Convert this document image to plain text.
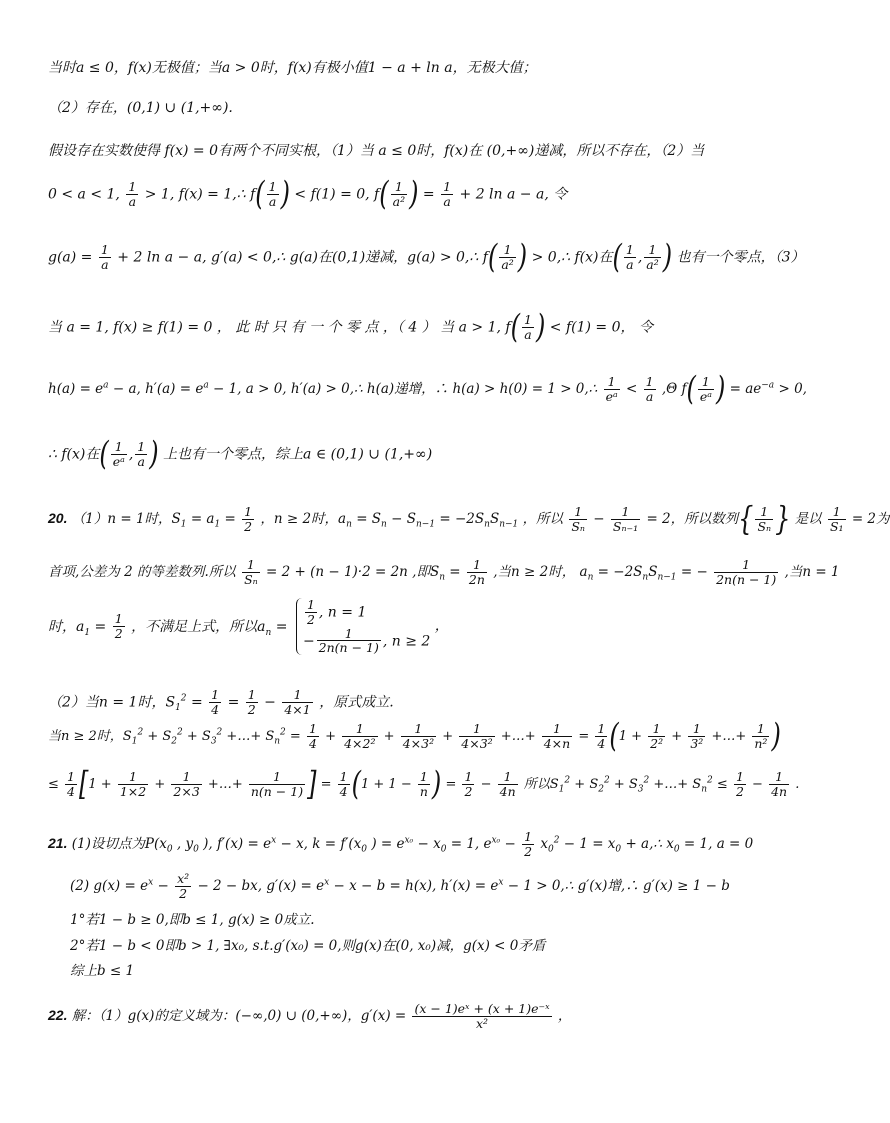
当时a ≤ 0，f(x)无极值；当a > 0时，f(x)有极小值1 − a + ln a，无极大值；
（2）存在，(0,1) ∪ (1,+∞).
假设存在实数使得 f(x) = 0有两个不同实根，（1）当 a ≤ 0时，f(x)在 (0,+∞)递减，所以不存在，（2）当
0 < a < 1, $\frac{1}{a} > 1$, f(x) = 1,∴ $f( \frac{1}{a}$ ) < f(1) = 0, $f( \frac{1}{\text{a²}}$ ) = $\frac{1}{a} + 2$ ln a − a, 令
$g(a) = \frac{1}{a} + 2$ ln a − a, g′(a) < 0,∴ g(a)在(0,1)递减，g(a) > 0,∴ $f( \frac{1}{\text{a²}}$ ) > 0,∴ f(x)在( $\frac{1}{a}$ , $\frac{1}{\text{a²}}$ ) 也有一个零点，（3）
当 a = 1, f(x) ≥ f(1) = 0 ， 此 时 只 有 一 个 零 点 ，（ 4 ） 当 a > 1, $f( \frac{1}{a}$ ) < f(1) = 0， 令
$h(a) = e^a - a$, $h'(a) = e^a - 1$, a > 0, h′(a) > 0,∴ h(a)递增，∴ h(a) > h(0) = 1 > 0,∴ $\frac{1}{\text{eᵃ}} < \frac{1}{a} ,\Theta$ $f( \frac{1}{\text{eᵃ}}$ ) = $ae^{-a} > 0$,
∴ f(x)在( $\frac{1}{\text{eᵃ}}$ , $\frac{1}{a}$ ) 上也有一个零点，综上a ∈ (0,1) ∪ (1,+∞)
20. （1）n = 1时，$S_1 = a_1 = \frac{1}{2}$ ，n ≥ 2时，$a_n = S_n - S_{n-1} = -2S_nS_{n-1}$ ，所以 $\frac{1}{\text{Sₙ}} - \frac{1}{\text{Sₙ₋₁}} = 2$，所以数列{ $\frac{1}{\text{Sₙ}}$ } 是以 $\frac{1}{\text{S₁}} = 2$为
首项,公差为 2 的等差数列.所以 $\frac{1}{\text{Sₙ}} = 2 + (n - 1)\cdot 2 = 2n$ ,即$S_n = \frac{1}{2n}$ ,当n ≥ 2时， $a_n = -2S_nS_{n-1}$ = − $\frac{1}{2n(n - 1)}$ ,当n = 1
时，$a_1 = \frac{1}{2}$ ，不满足上式，所以$a_n = \frac{1}{2}$ , n = 1
− $\frac{1}{2n(n - 1)}$ , n ≥ 2
，
（2）当n = 1时，$S_1^2 = \frac{1}{4} = \frac{1}{2} - \frac{1}{4\times 1}$ ，原式成立.
当n ≥ 2时，$S_1^2 + S_2^2 + S_3^2$ +…+ $S_n^2 = \frac{1}{4} + \frac{1}{\text{4×2²}} + \frac{1}{\text{4×3²}} + \frac{1}{\text{4×3²}}$ +…+ $\frac{1}{4\times n} = \frac{1}{4} (1 + \frac{1}{\text{2²}} + \frac{1}{\text{3²}}$ +…+ $\frac{1}{\text{n²}}$ )
≤ $\frac{1}{4} [1 + \frac{1}{1\times 2} + \frac{1}{2\times 3}$ +…+ $\frac{1}{n(n - 1)}$ ] = $\frac{1}{4} (1 + 1 - \frac{1}{n}$ ) = $\frac{1}{2} - \frac{1}{4n}$ 所以$S_1^2 + S_2^2 + S_3^2$ +…+ $S_n^2 \le \frac{1}{2} - \frac{1}{4n}$ .
21. (1)设切点为$P(x_0$ , $y_0$ ), $f'(x) = e^x - x$, $k = f'(x_0$ ) = $e^{x_0} - x_0 = 1$, $e^{x_0} - \frac{1}{2} x_0^2 - 1 = x_0$ + a,∴ $x_0 = 1$, a = 0
(2) $g(x) = e^x - \frac{\text{x²}}{2} - 2$ − bx, $g'(x) = e^x - x - b = h(x)$, $h'(x) = e^x - 1$ > 0,∴ g′(x)增,∴ g′(x) ≥ 1 − b
1°若1 − b ≥ 0,即b ≤ 1, g(x) ≥ 0成立.
2°若1 − b < 0即b > 1, ∃x₀, s.t.g′(x₀) = 0,则g(x)在(0, x₀)减，g(x) < 0矛盾
综上b ≤ 1
22. 解：（1）g(x)的定义域为：(−∞,0) ∪ (0,+∞)，$g'(x) = \frac{\text{(x − 1)eˣ + (x + 1)e⁻ˣ}}{\text{x²}}$ ，
